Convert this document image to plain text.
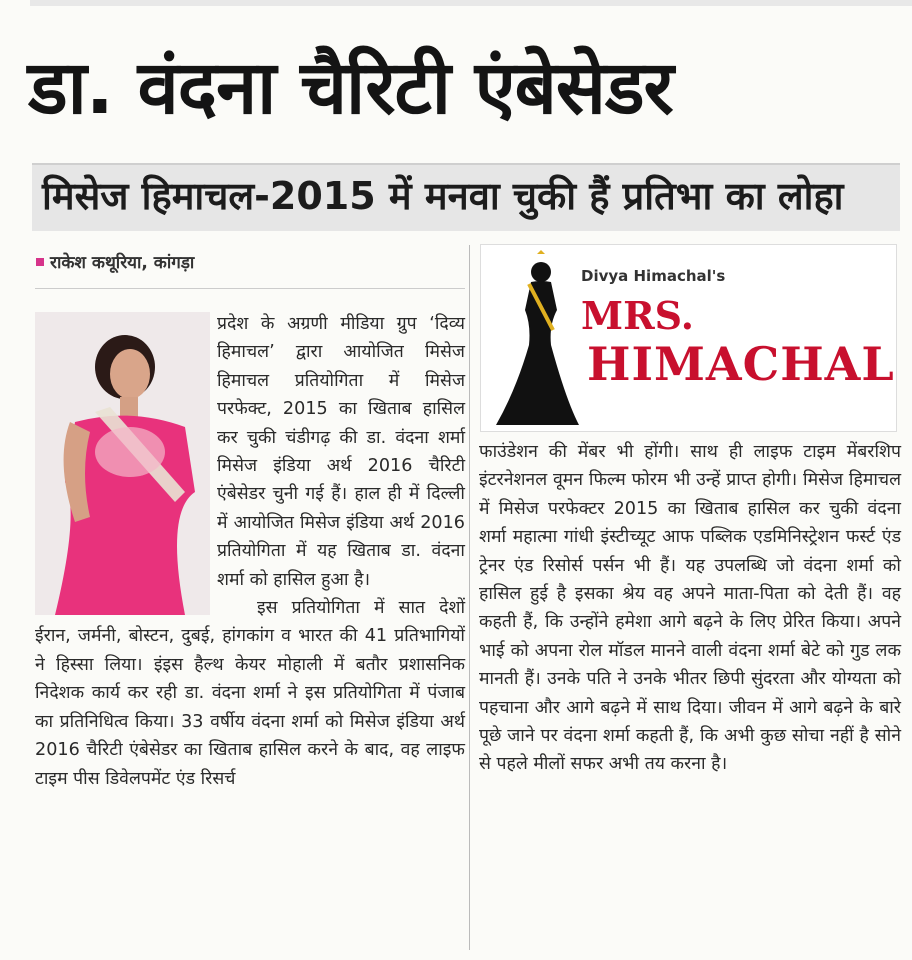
डा. वंदना चैरिटी एंबेसेडर
मिसेज हिमाचल-2015 में मनवा चुकी हैं प्रतिभा का लोहा
राकेश कथूरिया, कांगड़ा
Divya Himachal's
MRS.
HIMACHAL

प्रदेश के अग्रणी मीडिया ग्रुप ‘दिव्य हिमाचल’ द्वारा आयोजित मिसेज हिमाचल प्रतियोगिता में मिसेज परफेक्ट, 2015 का खिताब हासिल कर चुकी चंडीगढ़ की डा. वंदना शर्मा मिसेज इंडिया अर्थ 2016 चैरिटी एंबेसेडर चुनी गई हैं। हाल ही में दिल्ली में आयोजित मिसेज इंडिया अर्थ 2016 प्रतियोगिता में यह खिताब डा. वंदना शर्मा को हासिल हुआ है।

इस प्रतियोगिता में सात देशों ईरान, जर्मनी, बोस्टन, दुबई, हांगकांग व भारत की 41 प्रतिभागियों ने हिस्सा लिया। इंइस हैल्थ केयर मोहाली में बतौर प्रशासनिक निदेशक कार्य कर रही डा. वंदना शर्मा ने इस प्रतियोगिता में पंजाब का प्रतिनिधित्व किया। 33 वर्षीय वंदना शर्मा को मिसेज इंडिया अर्थ 2016 चैरिटी एंबेसेडर का खिताब हासिल करने के बाद, वह लाइफ टाइम पीस डिवेलपमेंट एंड रिसर्च

फाउंडेशन की मेंबर भी होंगी। साथ ही लाइफ टाइम मेंबरशिप इंटरनेशनल वूमन फिल्म फोरम भी उन्हें प्राप्त होगी। मिसेज हिमाचल में मिसेज परफेक्टर 2015 का खिताब हासिल कर चुकी वंदना शर्मा महात्मा गांधी इंस्टीच्यूट आफ पब्लिक एडमिनिस्ट्रेशन फर्स्ट एंड ट्रेनर एंड रिसोर्स पर्सन भी हैं। यह उपलब्धि जो वंदना शर्मा को हासिल हुई है इसका श्रेय वह अपने माता-पिता को देती हैं। वह कहती हैं, कि उन्होंने हमेशा आगे बढ़ने के लिए प्रेरित किया। अपने भाई को अपना रोल मॉडल मानने वाली वंदना शर्मा बेटे को गुड लक मानती हैं। उनके पति ने उनके भीतर छिपी सुंदरता और योग्यता को पहचाना और आगे बढ़ने में साथ दिया। जीवन में आगे बढ़ने के बारे पूछे जाने पर वंदना शर्मा कहती हैं, कि अभी कुछ सोचा नहीं है सोने से पहले मीलों सफर अभी तय करना है।
